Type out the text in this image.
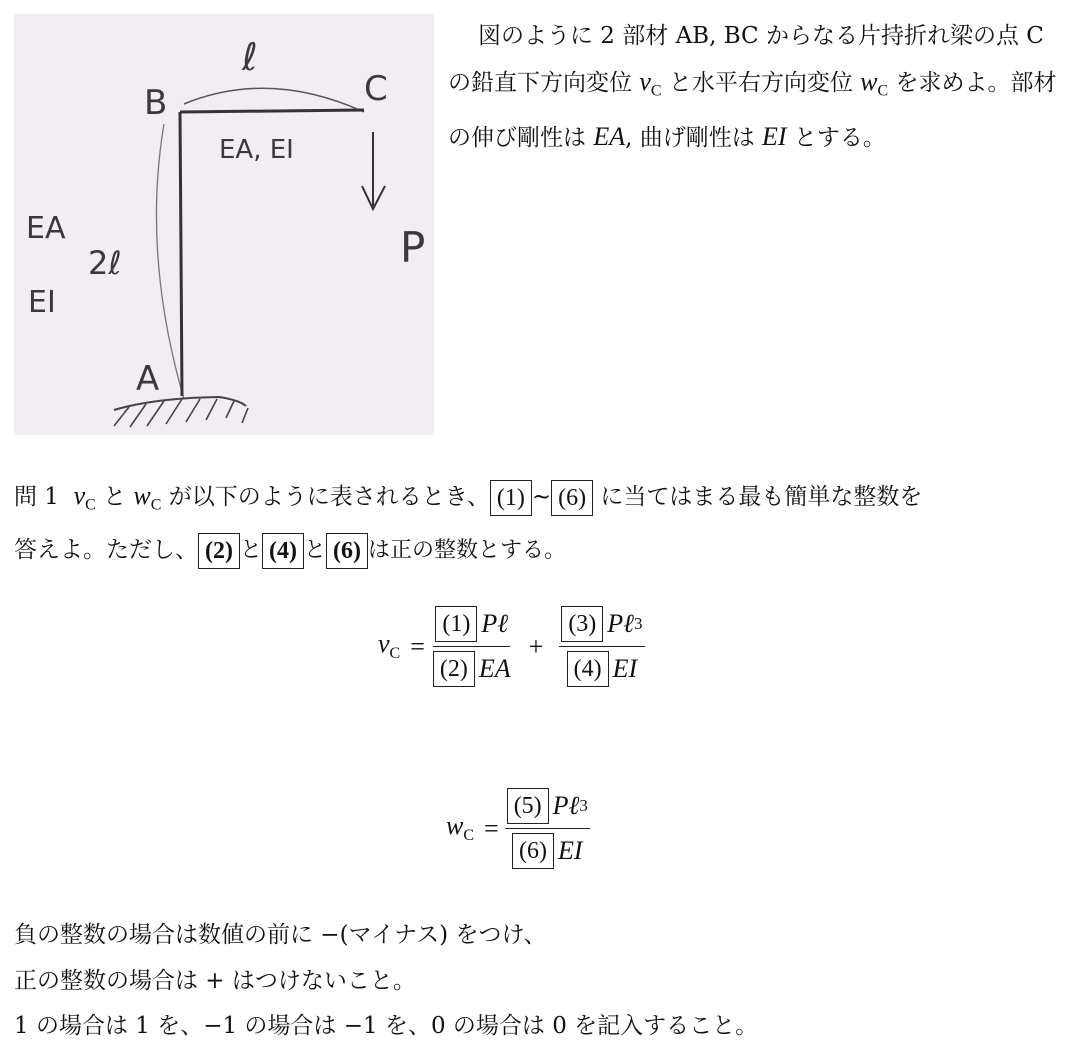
ℓ
B	C
EA, EI
EA
2ℓ
EI
A
P
図のように 2 部材 AB, BC からなる片持折れ梁の点 C の鉛直下方向変位 $v_C$ と水平右方向変位 $w_C$ を求めよ。部材の伸び剛性は EA, 曲げ剛性は EI とする。
問 1 $v_C$ と $w_C$ が以下のように表されるとき、 (1) ∼ (6) に当てはまる最も簡単な整数を
答えよ。ただし、 (2) と (4) と (6) は正の整数とする。
$v_C = \frac{\text{(1) Pℓ}}{(2) EA} + \frac{\text{(3) Pℓ 3}}{(4) EI}$
$w_C = \frac{\text{(5) Pℓ 3}}{(6) EI}$
負の整数の場合は数値の前に −(マイナス) をつけ、
正の整数の場合は + はつけないこと。
1 の場合は 1 を、−1 の場合は −1 を、0 の場合は 0 を記入すること。
